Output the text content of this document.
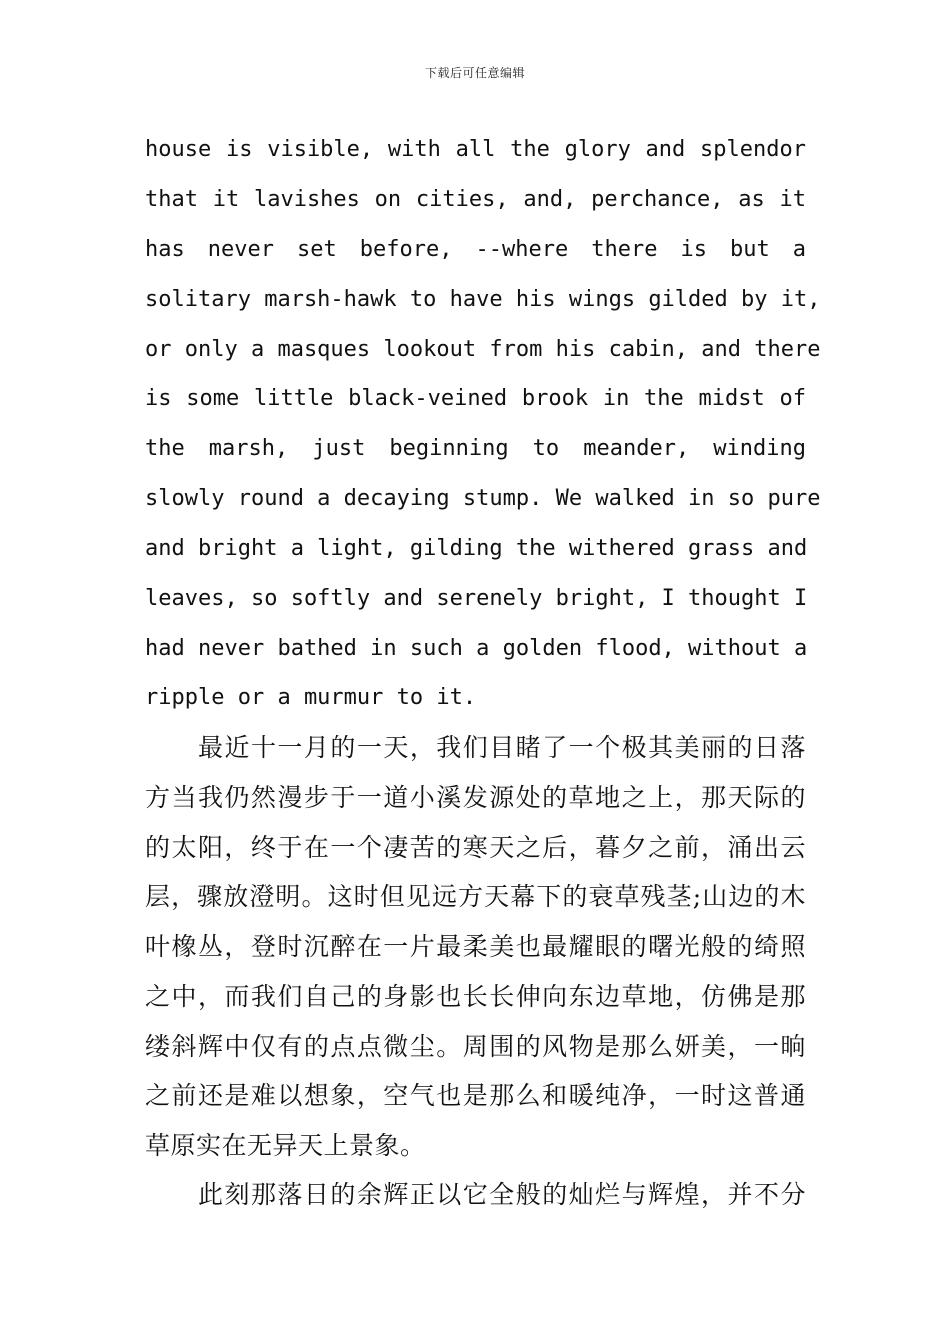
下载后可任意编辑
house is visible, with all the glory and splendor
that it lavishes on cities, and, perchance, as it
has never set before, --where there is but a
solitary marsh-hawk to have his wings gilded by it,
or only a masques lookout from his cabin, and there
is some little black-veined brook in the midst of
the marsh, just beginning to meander, winding
slowly round a decaying stump. We walked in so pure
and bright a light, gilding the withered grass and
leaves, so softly and serenely bright, I thought I
had never bathed in such a golden flood, without a
ripple or a murmur to it.
最近十一月的一天，我们目睹了一个极其美丽的日落
方当我仍然漫步于一道小溪发源处的草地之上，那天际的
的太阳，终于在一个凄苦的寒天之后，暮夕之前，涌出云
层，骤放澄明。这时但见远方天幕下的衰草残茎;山边的木
叶橡丛，登时沉醉在一片最柔美也最耀眼的曙光般的绮照
之中，而我们自己的身影也长长伸向东边草地，仿佛是那
缕斜辉中仅有的点点微尘。周围的风物是那么妍美，一晌
之前还是难以想象，空气也是那么和暖纯净，一时这普通
草原实在无异天上景象。
此刻那落日的余辉正以它全般的灿烂与辉煌，并不分
